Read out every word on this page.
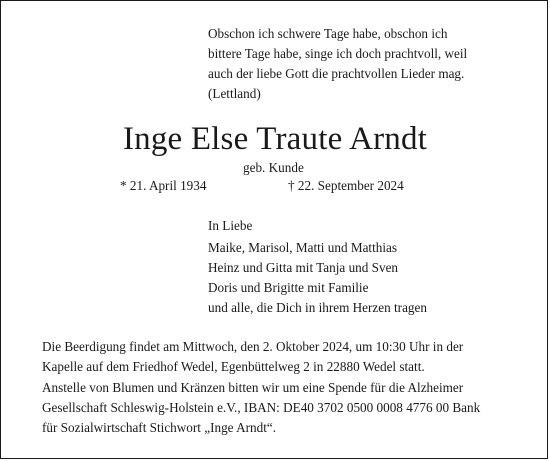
Obschon ich schwere Tage habe, obschon ich
bittere Tage habe, singe ich doch prachtvoll, weil
auch der liebe Gott die prachtvollen Lieder mag.
(Lettland)
Inge Else Traute Arndt
geb. Kunde
* 21. April 1934	† 22. September 2024
In Liebe
Maike, Marisol, Matti und Matthias
Heinz und Gitta mit Tanja und Sven
Doris und Brigitte mit Familie
und alle, die Dich in ihrem Herzen tragen
Die Beerdigung findet am Mittwoch, den 2. Oktober 2024, um 10:30 Uhr in der
Kapelle auf dem Friedhof Wedel, Egenbüttelweg 2 in 22880 Wedel statt.
Anstelle von Blumen und Kränzen bitten wir um eine Spende für die Alzheimer
Gesellschaft Schleswig-Holstein e.V., IBAN: DE40 3702 0500 0008 4776 00 Bank
für Sozialwirtschaft Stichwort „Inge Arndt“.
